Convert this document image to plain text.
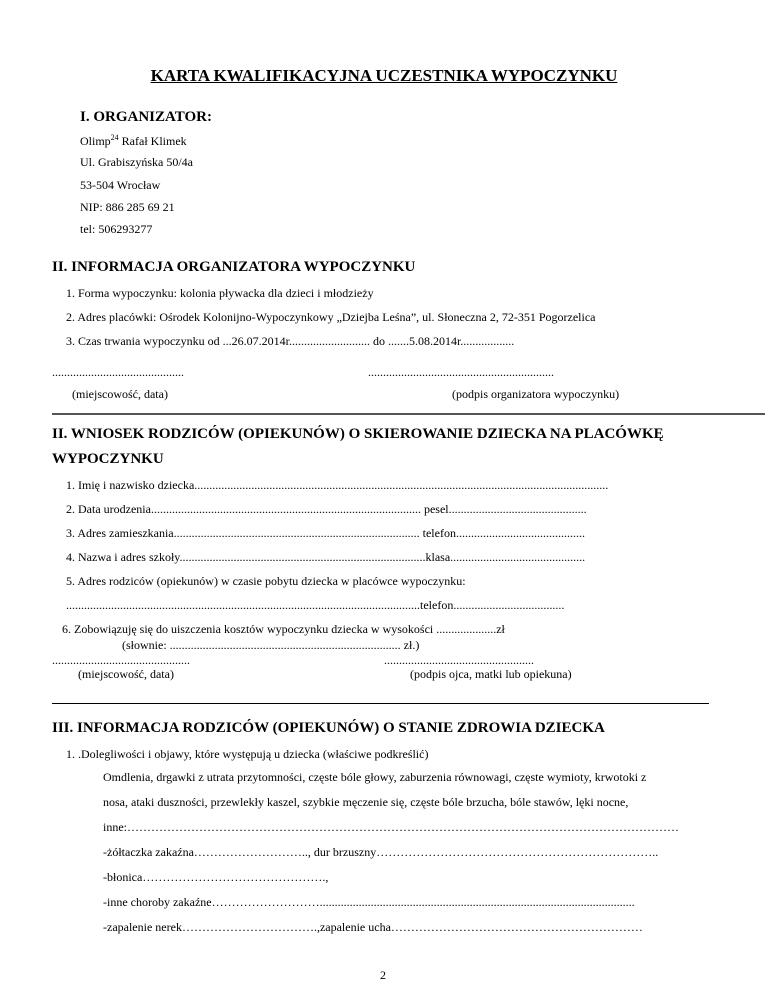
KARTA KWALIFIKACYJNA UCZESTNIKA WYPOCZYNKU
I. ORGANIZATOR:
Olimp$^{24}$ Rafał Klimek
Ul. Grabiszyńska 50/4a
53-504 Wrocław
NIP: 886 285 69 21
tel: 506293277
II. INFORMACJA ORGANIZATORA WYPOCZYNKU
1. Forma wypoczynku: kolonia pływacka dla dzieci i młodzieży
2. Adres placówki: Ośrodek Kolonijno-Wypoczynkowy „Dziejba Leśna”, ul. Słoneczna 2, 72-351 Pogorzelica
3. Czas trwania wypoczynku od ...26.07.2014r........................... do .......5.08.2014r..................
............................................	..............................................................
(miejscowość, data)	(podpis organizatora wypoczynku)
II. WNIOSEK RODZICÓW (OPIEKUNÓW) O SKIEROWANIE DZIECKA NA PLACÓWKĘ
WYPOCZYNKU
1. Imię i nazwisko dziecka..........................................................................................................................................
2. Data urodzenia.......................................................................................... pesel..............................................
3. Adres zamieszkania.................................................................................. telefon...........................................
4. Nazwa i adres szkoły..................................................................................klasa.............................................
5. Adres rodziców (opiekunów) w czasie pobytu dziecka w placówce wypoczynku:
......................................................................................................................telefon.....................................
6. Zobowiązuję się do uiszczenia kosztów wypoczynku dziecka w wysokości ....................zł
(słownie: ............................................................................. zł.)
..............................................	..................................................
(miejscowość, data)	(podpis ojca, matki lub opiekuna)
III. INFORMACJA RODZICÓW (OPIEKUNÓW) O STANIE ZDROWIA DZIECKA
1. .Dolegliwości i objawy, które występują u dziecka (właściwe podkreślić)
Omdlenia, drgawki z utrata przytomności, częste bóle głowy, zaburzenia równowagi, częste wymioty, krwotoki z
nosa, ataki duszności, przewlekły kaszel, szybkie męczenie się, częste bóle brzucha, bóle stawów, lęki nocne,
inne:…………………………………………………………………………………………………………………………
-żółtaczka zakaźna……………………….., dur brzuszny……………………………………………………………..
-błonica……………………………………….,
-inne choroby zakaźne……………………….........................................................................................................
-zapalenie nerek…………………………….,zapalenie ucha………………………………………………………
2
